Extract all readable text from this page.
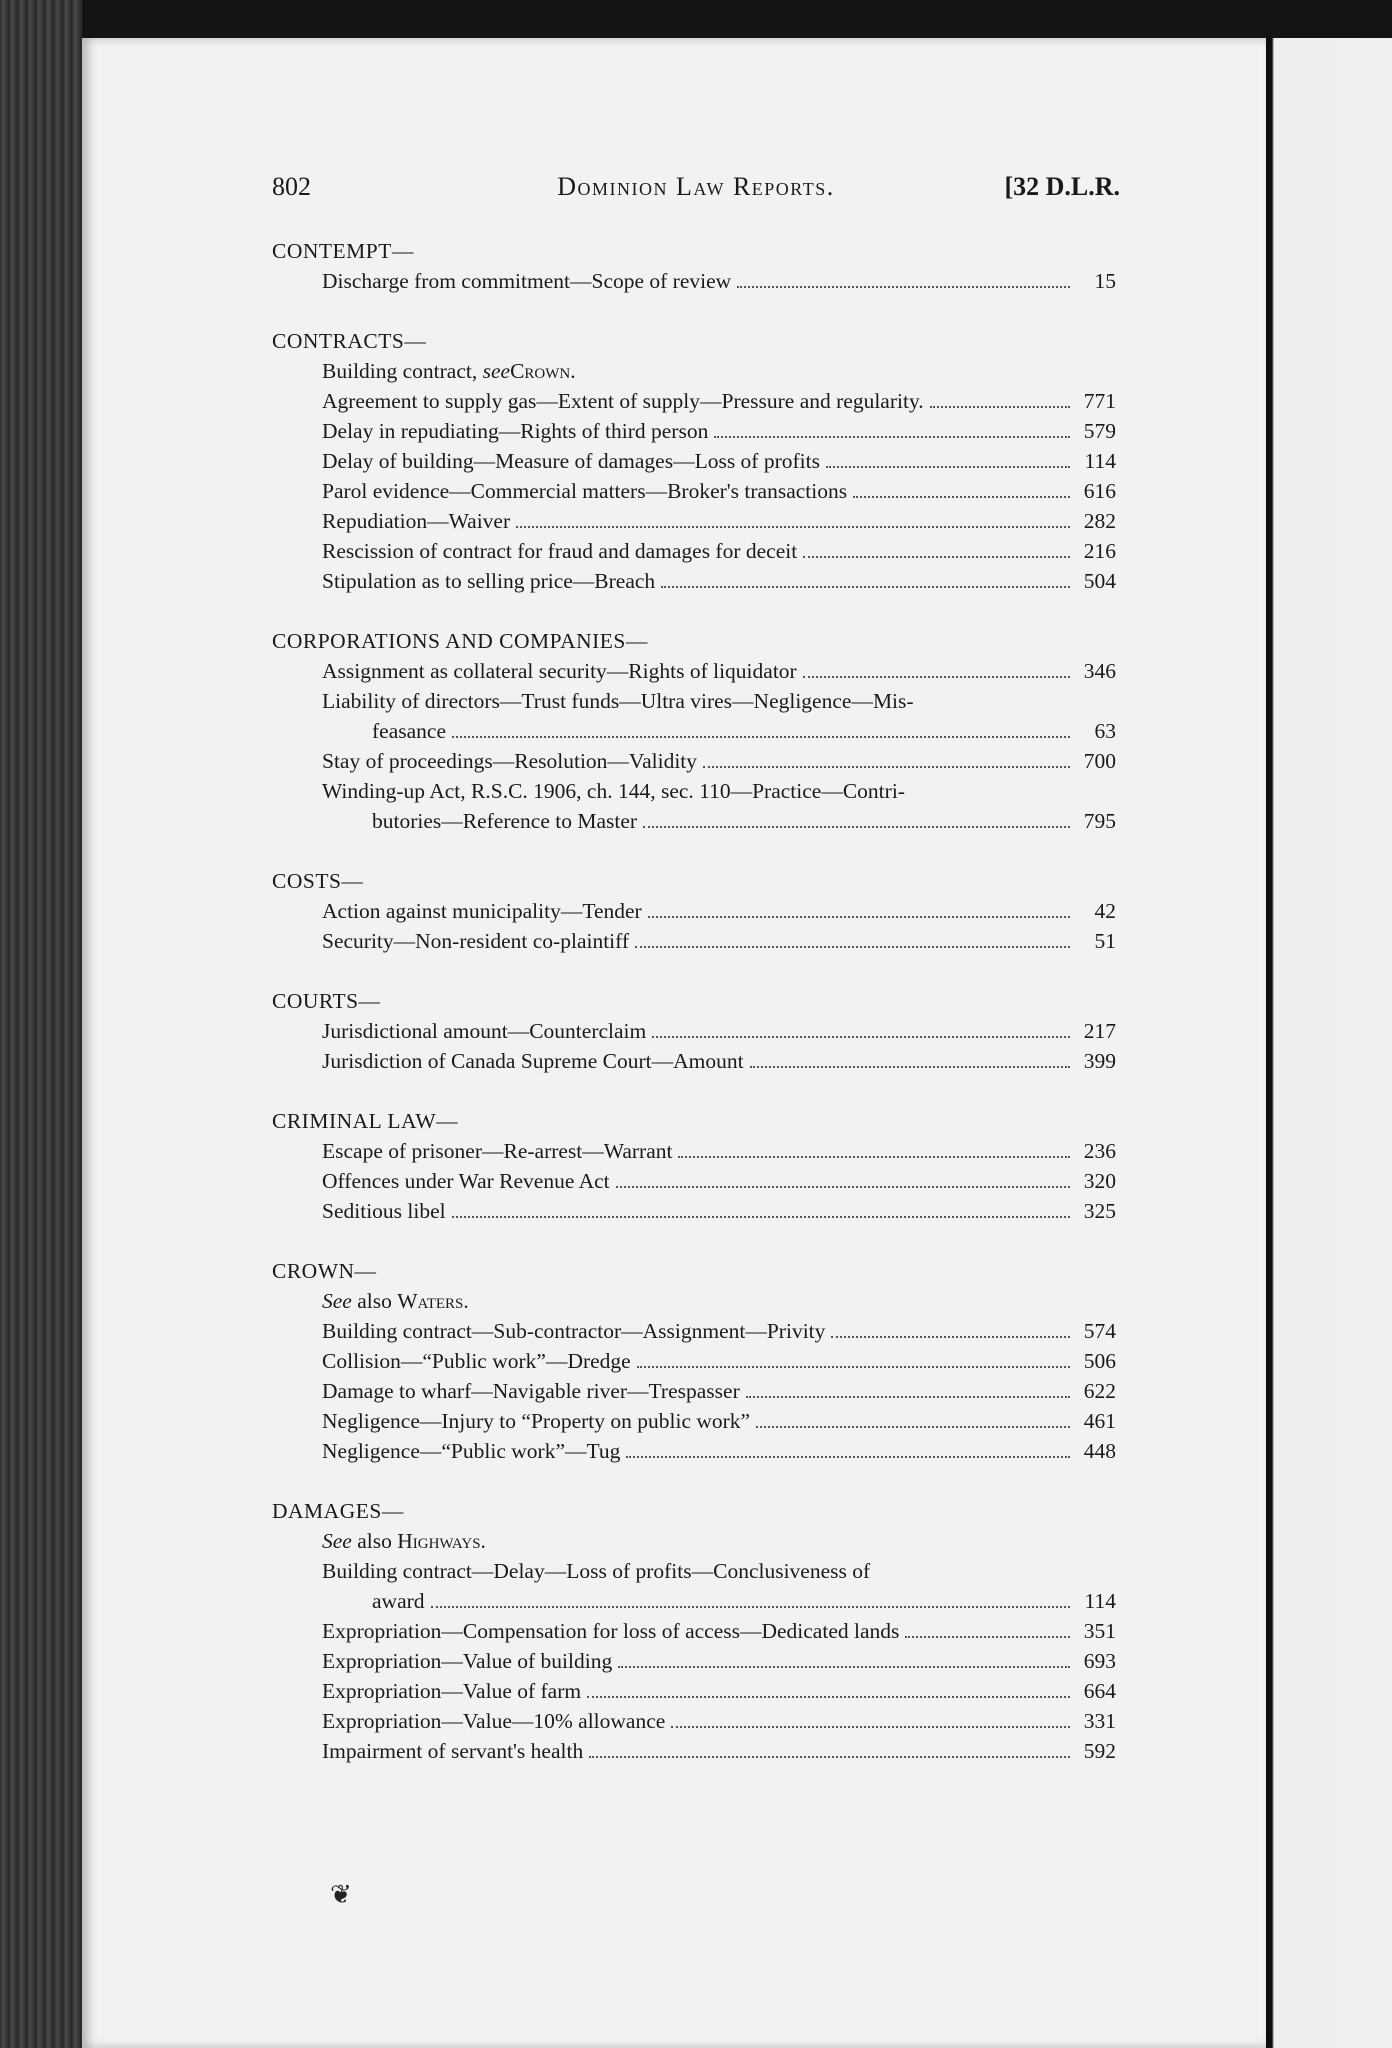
802	Dominion Law Reports.	[32 D.L.R.
CONTEMPT—
Discharge from commitment—Scope of review	15
CONTRACTS—
Building contract, seeCrown.
Agreement to supply gas—Extent of supply—Pressure and regularity.	771
Delay in repudiating—Rights of third person	579
Delay of building—Measure of damages—Loss of profits	114
Parol evidence—Commercial matters—Broker's transactions	616
Repudiation—Waiver	282
Rescission of contract for fraud and damages for deceit	216
Stipulation as to selling price—Breach	504
CORPORATIONS AND COMPANIES—
Assignment as collateral security—Rights of liquidator	346
Liability of directors—Trust funds—Ultra vires—Negligence—Mis-
feasance	63
Stay of proceedings—Resolution—Validity	700
Winding-up Act, R.S.C. 1906, ch. 144, sec. 110—Practice—Contri-
butories—Reference to Master	795
COSTS—
Action against municipality—Tender	42
Security—Non-resident co-plaintiff	51
COURTS—
Jurisdictional amount—Counterclaim	217
Jurisdiction of Canada Supreme Court—Amount	399
CRIMINAL LAW—
Escape of prisoner—Re-arrest—Warrant	236
Offences under War Revenue Act	320
Seditious libel	325
CROWN—
See also Waters.
Building contract—Sub-contractor—Assignment—Privity	574
Collision—“Public work”—Dredge	506
Damage to wharf—Navigable river—Trespasser	622
Negligence—Injury to “Property on public work”	461
Negligence—“Public work”—Tug	448
DAMAGES—
See also Highways.
Building contract—Delay—Loss of profits—Conclusiveness of
award	114
Expropriation—Compensation for loss of access—Dedicated lands	351
Expropriation—Value of building	693
Expropriation—Value of farm	664
Expropriation—Value—10% allowance	331
Impairment of servant's health	592
❦
